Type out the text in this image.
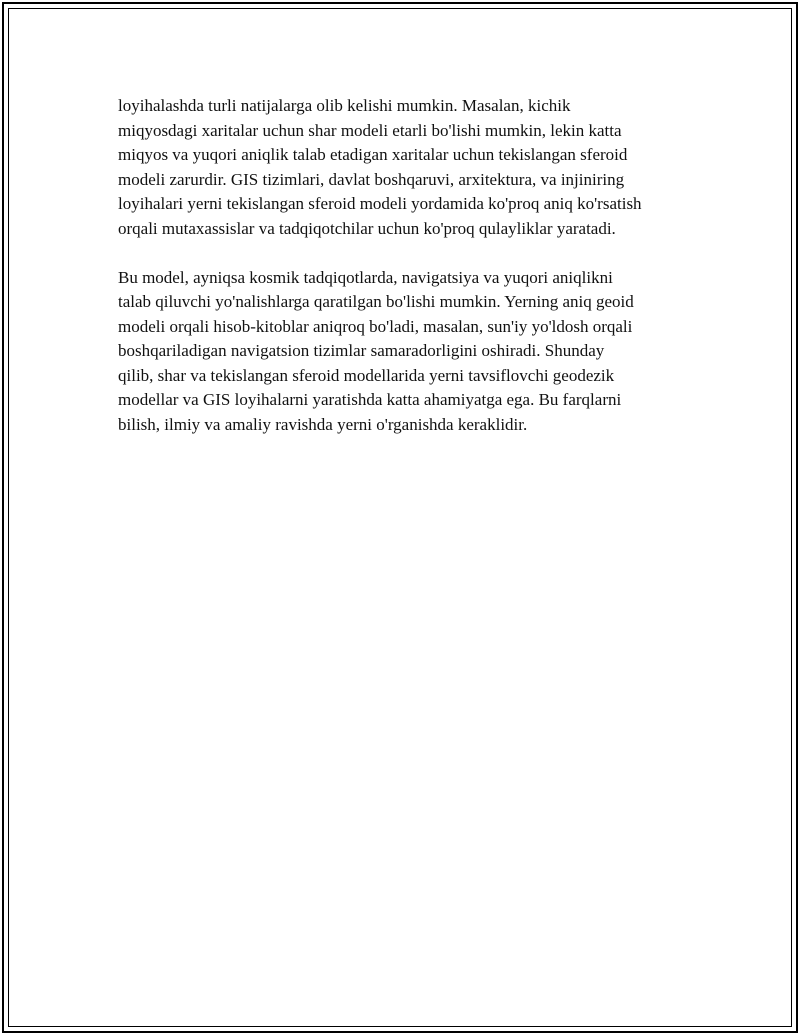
loyihalashda turli natijalarga olib kelishi mumkin. Masalan, kichik
miqyosdagi xaritalar uchun shar modeli etarli bo'lishi mumkin, lekin katta
miqyos va yuqori aniqlik talab etadigan xaritalar uchun tekislangan sferoid
modeli zarurdir. GIS tizimlari, davlat boshqaruvi, arxitektura, va injiniring
loyihalari yerni tekislangan sferoid modeli yordamida ko'proq aniq ko'rsatish
orqali mutaxassislar va tadqiqotchilar uchun ko'proq qulayliklar yaratadi.

Bu model, ayniqsa kosmik tadqiqotlarda, navigatsiya va yuqori aniqlikni
talab qiluvchi yo'nalishlarga qaratilgan bo'lishi mumkin. Yerning aniq geoid
modeli orqali hisob-kitoblar aniqroq bo'ladi, masalan, sun'iy yo'ldosh orqali
boshqariladigan navigatsion tizimlar samaradorligini oshiradi. Shunday
qilib, shar va tekislangan sferoid modellarida yerni tavsiflovchi geodezik
modellar va GIS loyihalarni yaratishda katta ahamiyatga ega. Bu farqlarni
bilish, ilmiy va amaliy ravishda yerni o'rganishda keraklidir.
